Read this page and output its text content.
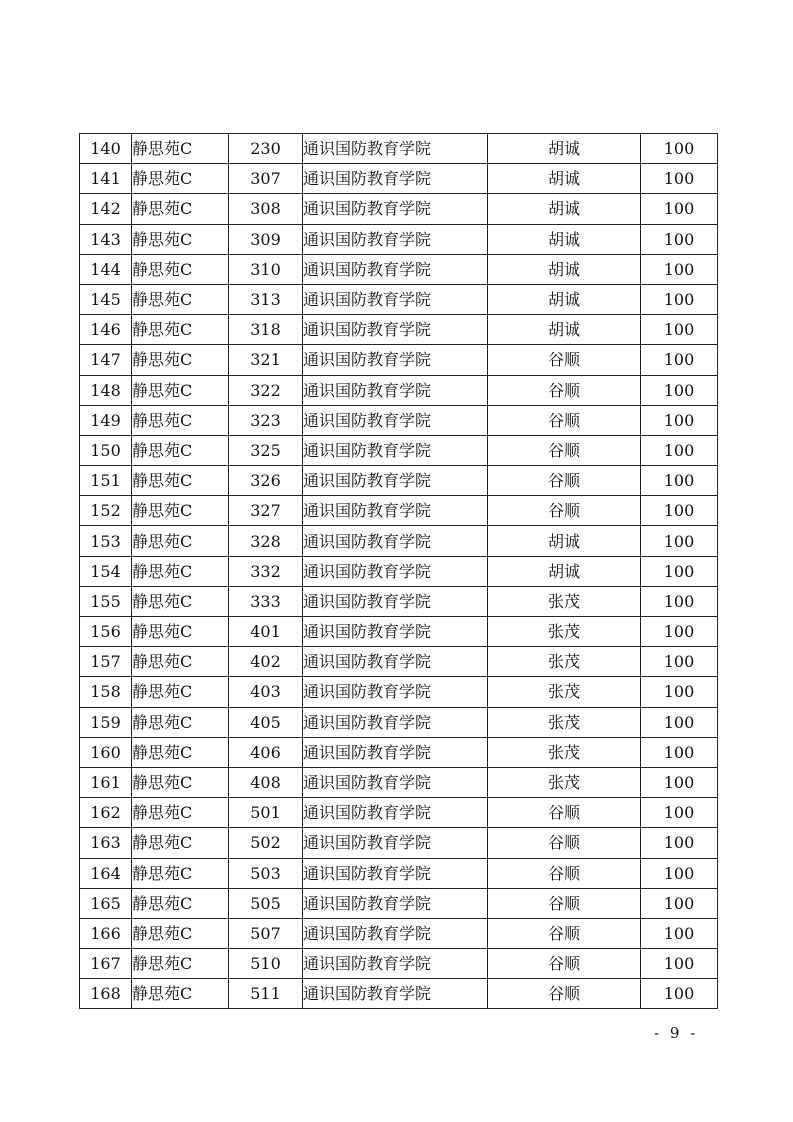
140	静思苑C	230	通识国防教育学院	胡诚	100
141	静思苑C	307	通识国防教育学院	胡诚	100
142	静思苑C	308	通识国防教育学院	胡诚	100
143	静思苑C	309	通识国防教育学院	胡诚	100
144	静思苑C	310	通识国防教育学院	胡诚	100
145	静思苑C	313	通识国防教育学院	胡诚	100
146	静思苑C	318	通识国防教育学院	胡诚	100
147	静思苑C	321	通识国防教育学院	谷顺	100
148	静思苑C	322	通识国防教育学院	谷顺	100
149	静思苑C	323	通识国防教育学院	谷顺	100
150	静思苑C	325	通识国防教育学院	谷顺	100
151	静思苑C	326	通识国防教育学院	谷顺	100
152	静思苑C	327	通识国防教育学院	谷顺	100
153	静思苑C	328	通识国防教育学院	胡诚	100
154	静思苑C	332	通识国防教育学院	胡诚	100
155	静思苑C	333	通识国防教育学院	张茂	100
156	静思苑C	401	通识国防教育学院	张茂	100
157	静思苑C	402	通识国防教育学院	张茂	100
158	静思苑C	403	通识国防教育学院	张茂	100
159	静思苑C	405	通识国防教育学院	张茂	100
160	静思苑C	406	通识国防教育学院	张茂	100
161	静思苑C	408	通识国防教育学院	张茂	100
162	静思苑C	501	通识国防教育学院	谷顺	100
163	静思苑C	502	通识国防教育学院	谷顺	100
164	静思苑C	503	通识国防教育学院	谷顺	100
165	静思苑C	505	通识国防教育学院	谷顺	100
166	静思苑C	507	通识国防教育学院	谷顺	100
167	静思苑C	510	通识国防教育学院	谷顺	100
168	静思苑C	511	通识国防教育学院	谷顺	100
- 9 -
